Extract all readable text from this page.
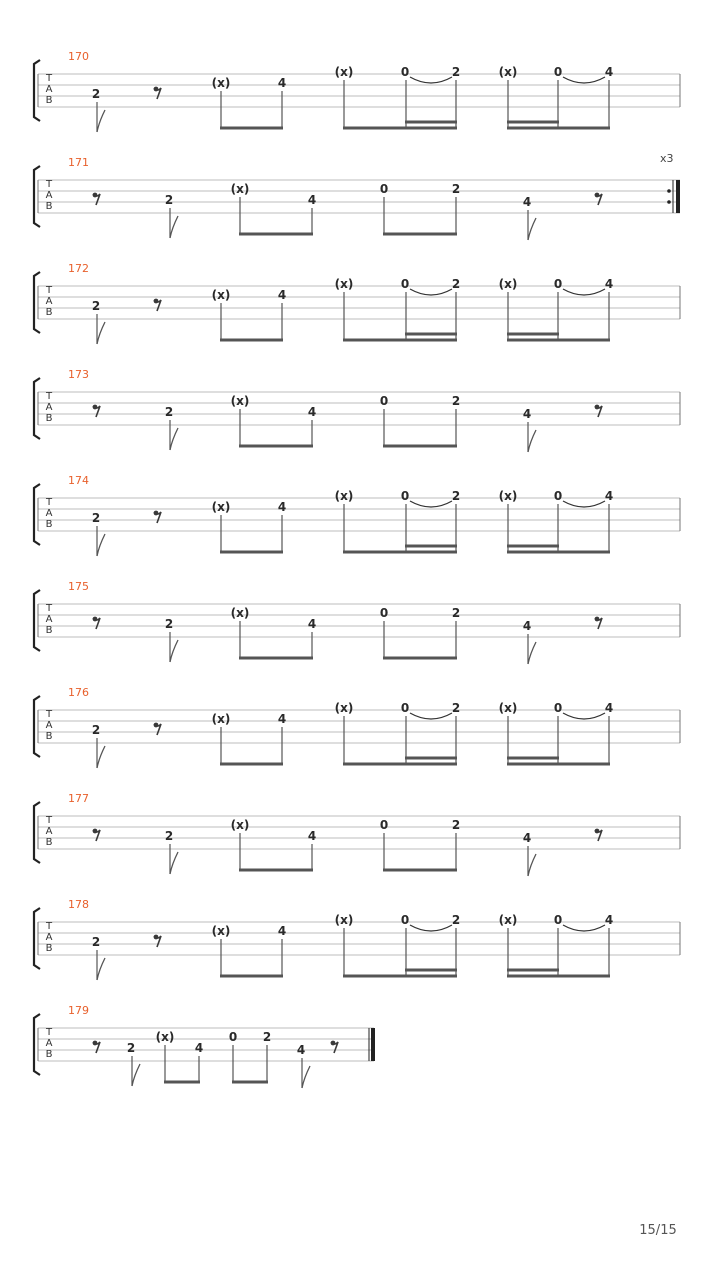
15/15
T
A
B
170
2
(x)	4
(x)	0	2	(x)	0	4
T
A
B
171
2
(x)
4
0	2
4
x3
T
A
B
172
2
(x)	4
(x)	0	2	(x)	0	4
T
A
B
173
2
(x)
4
0	2
4
T
A
B
174
2
(x)	4
(x)	0	2	(x)	0	4
T
A
B
175
2
(x)
4
0	2
4
T
A
B
176
2
(x)	4
(x)	0	2	(x)	0	4
T
A
B
177
2
(x)
4
0	2
4
T
A
B
178
2
(x)	4
(x)	0	2	(x)	0	4
T
A
B
179
2
(x)
4
0 2
4
